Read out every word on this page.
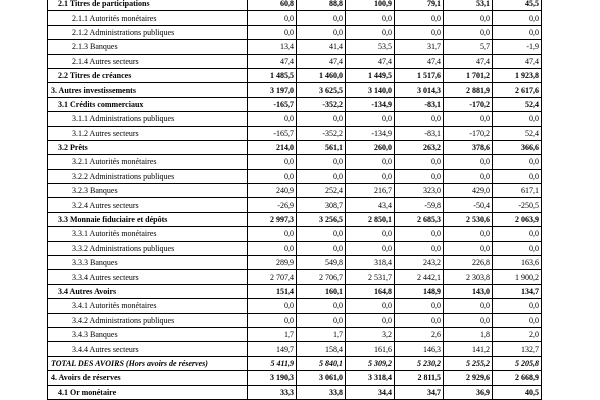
2.1 Titres de participations	60,8	88,8	100,9	79,1	53,1	45,5
2.1.1 Autorités monétaires	0,0	0,0	0,0	0,0	0,0	0,0
2.1.2 Administrations publiques	0,0	0,0	0,0	0,0	0,0	0,0
2.1.3 Banques	13,4	41,4	53,5	31,7	5,7	-1,9
2.1.4 Autres secteurs	47,4	47,4	47,4	47,4	47,4	47,4
2.2 Titres de créances	1 485,5	1 460,0	1 449,5	1 517,6	1 701,2	1 923,8
3. Autres investissements	3 197,0	3 625,5	3 140,0	3 014,3	2 881,9	2 617,6
3.1 Crédits commerciaux	-165,7	-352,2	-134,9	-83,1	-170,2	52,4
3.1.1 Administrations publiques	0,0	0,0	0,0	0,0	0,0	0,0
3.1.2 Autres secteurs	-165,7	-352,2	-134,9	-83,1	-170,2	52,4
3.2 Prêts	214,0	561,1	260,0	263,2	378,6	366,6
3.2.1 Autorités monétaires	0,0	0,0	0,0	0,0	0,0	0,0
3.2.2 Administrations publiques	0,0	0,0	0,0	0,0	0,0	0,0
3.2.3 Banques	240,9	252,4	216,7	323,0	429,0	617,1
3.2.4 Autres secteurs	-26,9	308,7	43,4	-59,8	-50,4	-250,5
3.3 Monnaie fiduciaire et dépôts	2 997,3	3 256,5	2 850,1	2 685,3	2 530,6	2 063,9
3.3.1 Autorités monétaires	0,0	0,0	0,0	0,0	0,0	0,0
3.3.2 Administrations publiques	0,0	0,0	0,0	0,0	0,0	0,0
3.3.3 Banques	289,9	549,8	318,4	243,2	226,8	163,6
3.3.4 Autres secteurs	2 707,4	2 706,7	2 531,7	2 442,1	2 303,8	1 900,2
3.4 Autres Avoirs	151,4	160,1	164,8	148,9	143,0	134,7
3.4.1 Autorités monétaires	0,0	0,0	0,0	0,0	0,0	0,0
3.4.2 Administrations publiques	0,0	0,0	0,0	0,0	0,0	0,0
3.4.3 Banques	1,7	1,7	3,2	2,6	1,8	2,0
3.4.4 Autres secteurs	149,7	158,4	161,6	146,3	141,2	132,7
TOTAL DES AVOIRS (Hors avoirs de réserves)	5 411,9	5 840,1	5 309,2	5 230,2	5 255,2	5 205,8
4. Avoirs de réserves	3 190,3	3 061,0	3 318,4	2 811,5	2 929,6	2 668,9
4.1 Or monétaire	33,3	33,8	34,4	34,7	36,9	40,5
